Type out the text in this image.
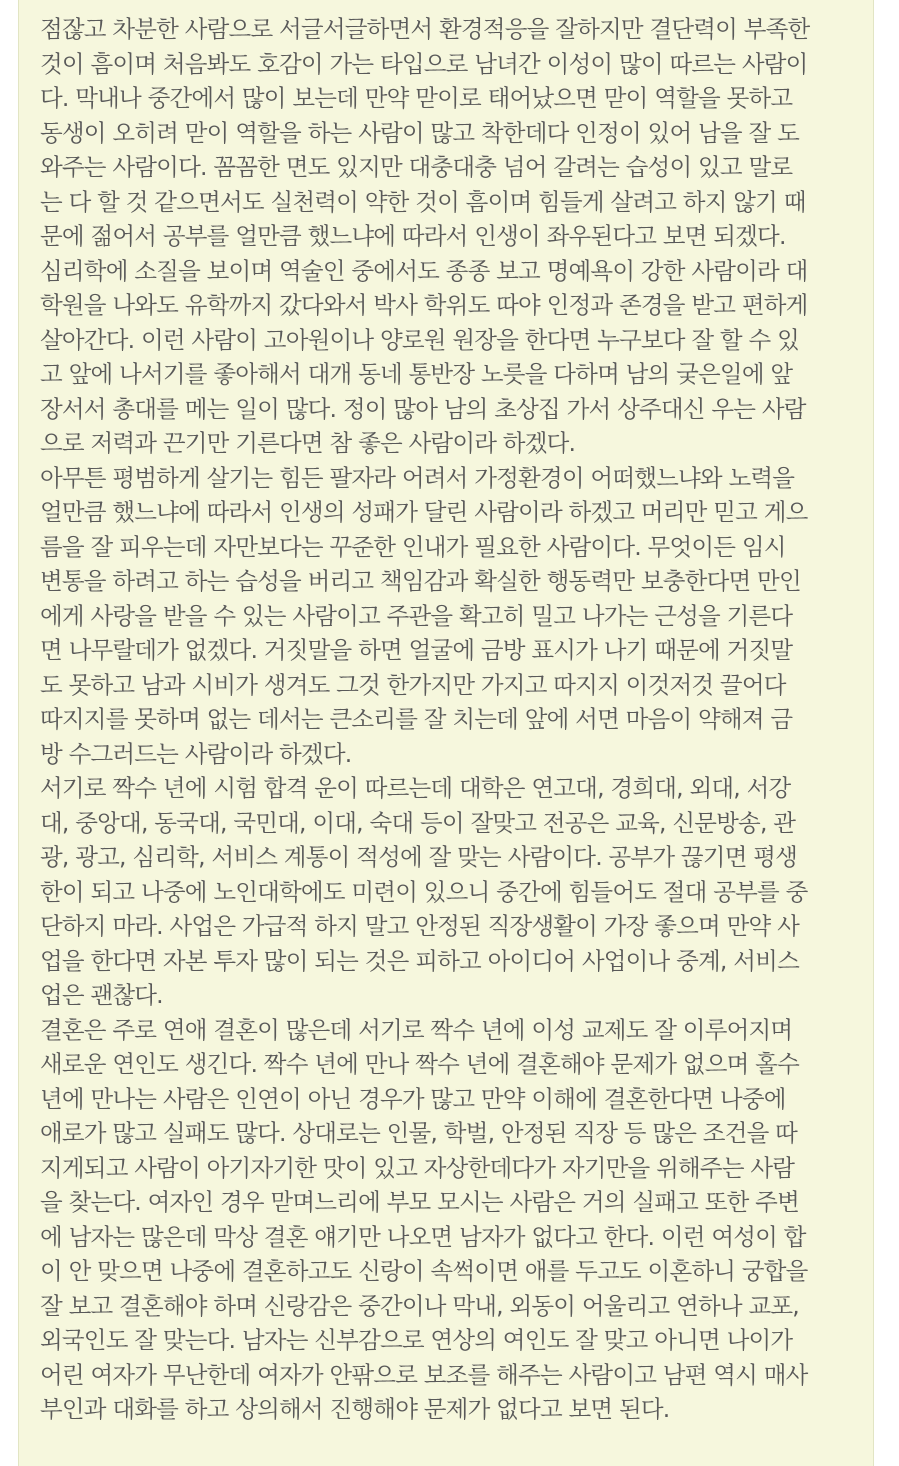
점잖고 차분한 사람으로 서글서글하면서 환경적응을 잘하지만 결단력이 부족한
것이 흠이며 처음봐도 호감이 가는 타입으로 남녀간 이성이 많이 따르는 사람이
다. 막내나 중간에서 많이 보는데 만약 맏이로 태어났으면 맏이 역할을 못하고
동생이 오히려 맏이 역할을 하는 사람이 많고 착한데다 인정이 있어 남을 잘 도
와주는 사람이다. 꼼꼼한 면도 있지만 대충대충 넘어 갈려는 습성이 있고 말로
는 다 할 것 같으면서도 실천력이 약한 것이 흠이며 힘들게 살려고 하지 않기 때
문에 젊어서 공부를 얼만큼 했느냐에 따라서 인생이 좌우된다고 보면 되겠다.
심리학에 소질을 보이며 역술인 중에서도 종종 보고 명예욕이 강한 사람이라 대
학원을 나와도 유학까지 갔다와서 박사 학위도 따야 인정과 존경을 받고 편하게
살아간다. 이런 사람이 고아원이나 양로원 원장을 한다면 누구보다 잘 할 수 있
고 앞에 나서기를 좋아해서 대개 동네 통반장 노릇을 다하며 남의 궂은일에 앞
장서서 총대를 메는 일이 많다. 정이 많아 남의 초상집 가서 상주대신 우는 사람
으로 저력과 끈기만 기른다면 참 좋은 사람이라 하겠다.
아무튼 평범하게 살기는 힘든 팔자라 어려서 가정환경이 어떠했느냐와 노력을
얼만큼 했느냐에 따라서 인생의 성패가 달린 사람이라 하겠고 머리만 믿고 게으
름을 잘 피우는데 자만보다는 꾸준한 인내가 필요한 사람이다. 무엇이든 임시
변통을 하려고 하는 습성을 버리고 책임감과 확실한 행동력만 보충한다면 만인
에게 사랑을 받을 수 있는 사람이고 주관을 확고히 밀고 나가는 근성을 기른다
면 나무랄데가 없겠다. 거짓말을 하면 얼굴에 금방 표시가 나기 때문에 거짓말
도 못하고 남과 시비가 생겨도 그것 한가지만 가지고 따지지 이것저것 끌어다
따지지를 못하며 없는 데서는 큰소리를 잘 치는데 앞에 서면 마음이 약해져 금
방 수그러드는 사람이라 하겠다.
서기로 짝수 년에 시험 합격 운이 따르는데 대학은 연고대, 경희대, 외대, 서강
대, 중앙대, 동국대, 국민대, 이대, 숙대 등이 잘맞고 전공은 교육, 신문방송, 관
광, 광고, 심리학, 서비스 계통이 적성에 잘 맞는 사람이다. 공부가 끊기면 평생
한이 되고 나중에 노인대학에도 미련이 있으니 중간에 힘들어도 절대 공부를 중
단하지 마라. 사업은 가급적 하지 말고 안정된 직장생활이 가장 좋으며 만약 사
업을 한다면 자본 투자 많이 되는 것은 피하고 아이디어 사업이나 중계, 서비스
업은 괜찮다.
결혼은 주로 연애 결혼이 많은데 서기로 짝수 년에 이성 교제도 잘 이루어지며
새로운 연인도 생긴다. 짝수 년에 만나 짝수 년에 결혼해야 문제가 없으며 홀수
년에 만나는 사람은 인연이 아닌 경우가 많고 만약 이해에 결혼한다면 나중에
애로가 많고 실패도 많다. 상대로는 인물, 학벌, 안정된 직장 등 많은 조건을 따
지게되고 사람이 아기자기한 맛이 있고 자상한데다가 자기만을 위해주는 사람
을 찾는다. 여자인 경우 맏며느리에 부모 모시는 사람은 거의 실패고 또한 주변
에 남자는 많은데 막상 결혼 얘기만 나오면 남자가 없다고 한다. 이런 여성이 합
이 안 맞으면 나중에 결혼하고도 신랑이 속썩이면 애를 두고도 이혼하니 궁합을
잘 보고 결혼해야 하며 신랑감은 중간이나 막내, 외동이 어울리고 연하나 교포,
외국인도 잘 맞는다. 남자는 신부감으로 연상의 여인도 잘 맞고 아니면 나이가
어린 여자가 무난한데 여자가 안팎으로 보조를 해주는 사람이고 남편 역시 매사
부인과 대화를 하고 상의해서 진행해야 문제가 없다고 보면 된다.
